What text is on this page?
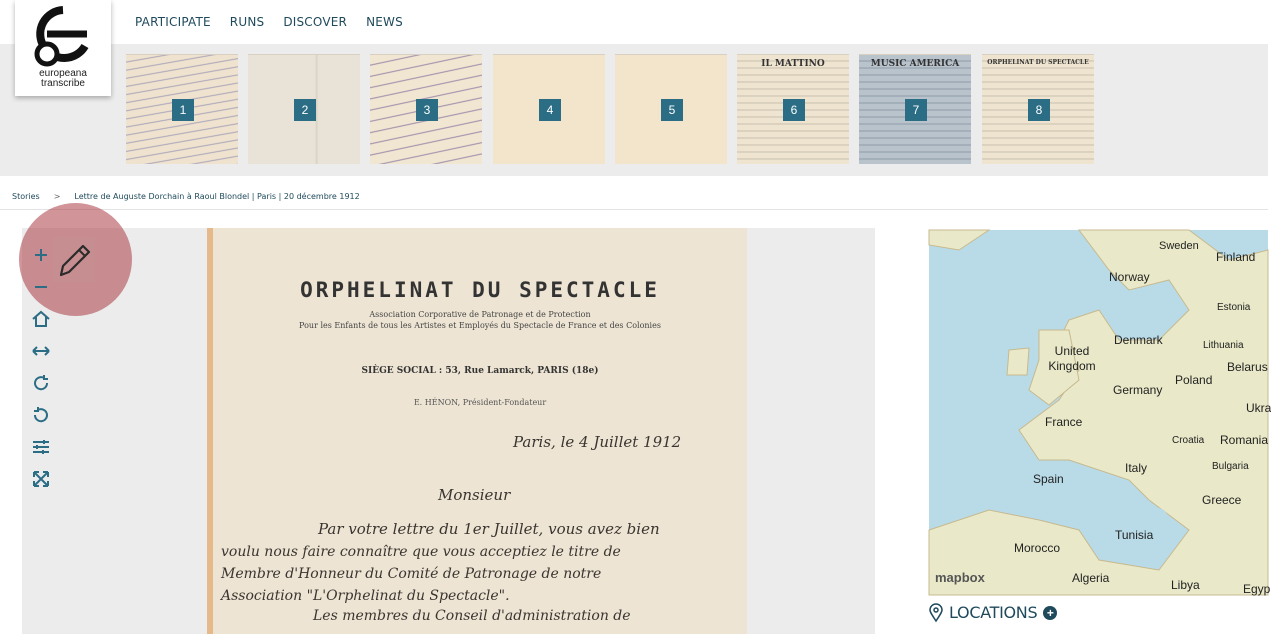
PARTICIPATE RUNS DISCOVER NEWS
europeana
transcribe
1	2	3	4	5
IL MATTINO
6
MUSIC AMERICA
7
ORPHELINAT DU SPECTACLE
8
Stories > Lettre de Auguste Dorchain à Raoul Blondel | Paris | 20 décembre 1912
ORPHELINAT DU SPECTACLE
Association Corporative de Patronage et de Protection
Pour les Enfants de tous les Artistes et Employés du Spectacle de France et des Colonies
SIÈGE SOCIAL : 53, Rue Lamarck, PARIS (18e)
E. HÉNON, Président-Fondateur
Paris, le 4 Juillet 1912
Monsieur
Par votre lettre du 1er Juillet, vous avez bien
voulu nous faire connaître que vous acceptiez le titre de
Membre d'Honneur du Comité de Patronage de notre
Association "L'Orphelinat du Spectacle".
Les membres du Conseil d'administration de
Sweden
Finland
Norway
Estonia
Denmark	Lithuania
United Kingdom	Belarus
Poland
Germany
Ukra
France
Croatia Romania
Italy	Bulgaria
Spain
Greece
Morocco
Tunisia
Algeria	Libya	Egyp
mapbox
LOCATIONS +
